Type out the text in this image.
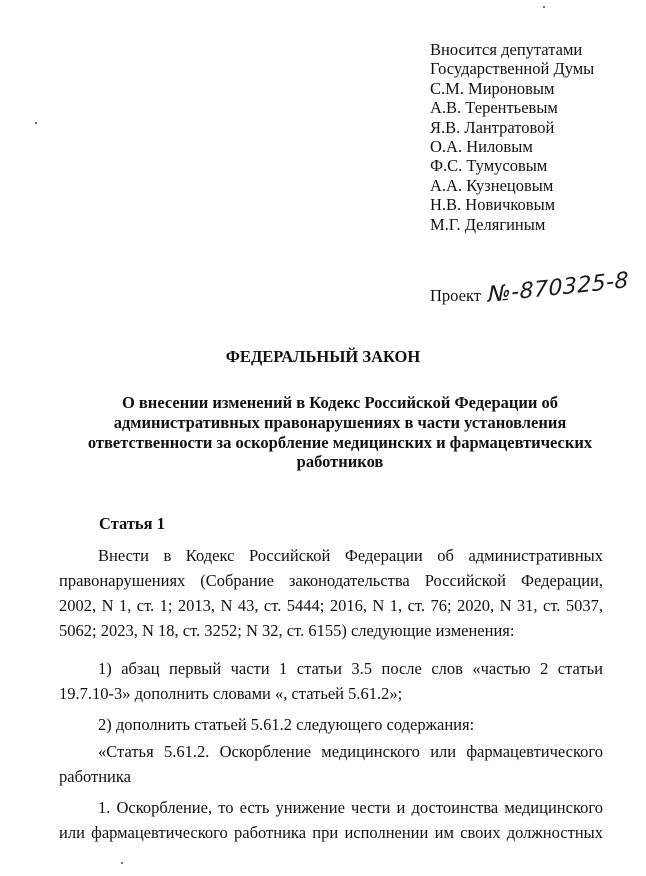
Вносится депутатами
Государственной Думы
С.М. Мироновым
А.В. Терентьевым
Я.В. Лантратовой
О.А. Ниловым
Ф.С. Тумусовым
А.А. Кузнецовым
Н.В. Новичковым
М.Г. Делягиным
Проект №-870325-8
ФЕДЕРАЛЬНЫЙ ЗАКОН
О внесении изменений в Кодекс Российской Федерации об
административных правонарушениях в части установления
ответственности за оскорбление медицинских и фармацевтических
работников
Статья 1
Внести в Кодекс Российской Федерации об административных
правонарушениях (Собрание законодательства Российской Федерации,
2002, N 1, ст. 1; 2013, N 43, ст. 5444; 2016, N 1, ст. 76; 2020, N 31, ст. 5037,
5062; 2023, N 18, ст. 3252; N 32, ст. 6155) следующие изменения:
1) абзац первый части 1 статьи 3.5 после слов «частью 2 статьи
19.7.10-3» дополнить словами «, статьей 5.61.2»;
2) дополнить статьей 5.61.2 следующего содержания:
«Статья 5.61.2. Оскорбление медицинского или фармацевтического
работника
1. Оскорбление, то есть унижение чести и достоинства медицинского
или фармацевтического работника при исполнении им своих должностных
